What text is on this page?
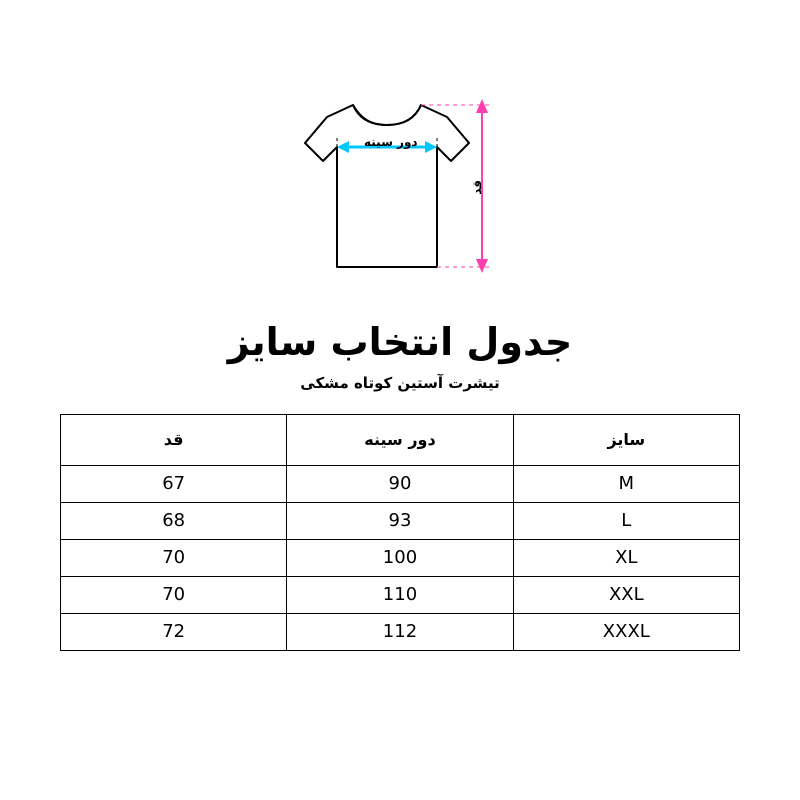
دور سینه
قد
جدول انتخاب سایز
تیشرت آستین کوتاه مشکی
سایز	دور سینه	قد
M	90	67
L	93	68
XL	100	70
XXL	110	70
XXXL	112	72
